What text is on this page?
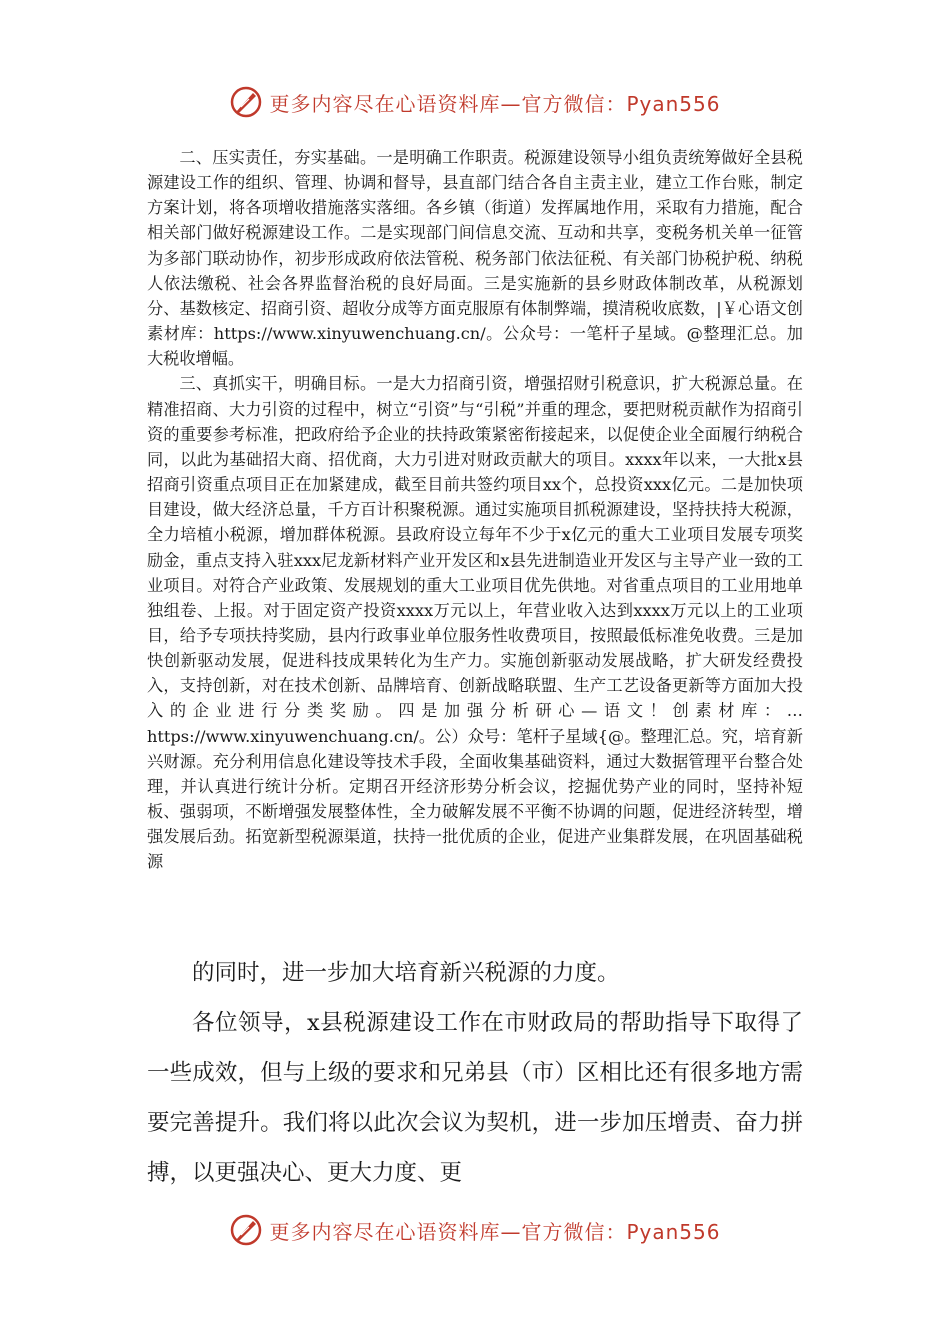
更多内容尽在心语资料库—官方微信：Pyan556

二、压实责任，夯实基础。一是明确工作职责。税源建设领导小组负责统筹做好全县税源建设工作的组织、管理、协调和督导，县直部门结合各自主责主业，建立工作台账，制定方案计划，将各项增收措施落实落细。各乡镇（街道）发挥属地作用，采取有力措施，配合相关部门做好税源建设工作。二是实现部门间信息交流、互动和共享，变税务机关单一征管为多部门联动协作，初步形成政府依法管税、税务部门依法征税、有关部门协税护税、纳税人依法缴税、社会各界监督治税的良好局面。三是实施新的县乡财政体制改革，从税源划分、基数核定、招商引资、超收分成等方面克服原有体制弊端，摸清税收底数，|￥心语文创素材库：https://www.xinyuwenchuang.cn/。公众号：一笔杆子星域。@整理汇总。加大税收增幅。

三、真抓实干，明确目标。一是大力招商引资，增强招财引税意识，扩大税源总量。在精准招商、大力引资的过程中，树立“引资”与“引税”并重的理念，要把财税贡献作为招商引资的重要参考标准，把政府给予企业的扶持政策紧密衔接起来，以促使企业全面履行纳税合同，以此为基础招大商、招优商，大力引进对财政贡献大的项目。xxxx年以来，一大批x县招商引资重点项目正在加紧建成，截至目前共签约项目xx个，总投资xxx亿元。二是加快项目建设，做大经济总量，千方百计积聚税源。通过实施项目抓税源建设，坚持扶持大税源，全力培植小税源，增加群体税源。县政府设立每年不少于x亿元的重大工业项目发展专项奖励金，重点支持入驻xxx尼龙新材料产业开发区和x县先进制造业开发区与主导产业一致的工业项目。对符合产业政策、发展规划的重大工业项目优先供地。对省重点项目的工业用地单独组卷、上报。对于固定资产投资xxxx万元以上，年营业收入达到xxxx万元以上的工业项目，给予专项扶持奖励，县内行政事业单位服务性收费项目，按照最低标准免收费。三是加快创新驱动发展，促进科技成果转化为生产力。实施创新驱动发展战略，扩大研发经费投入，支持创新，对在技术创新、品牌培育、创新战略联盟、生产工艺设备更新等方面加大投入的企业进行分类奖励。四是加强分析研心—语文！创素材库：…https://www.xinyuwenchuang.cn/。公）众号：笔杆子星域{@。整理汇总。究，培育新兴财源。充分利用信息化建设等技术手段，全面收集基础资料，通过大数据管理平台整合处理，并认真进行统计分析。定期召开经济形势分析会议，挖掘优势产业的同时，坚持补短板、强弱项，不断增强发展整体性，全力破解发展不平衡不协调的问题，促进经济转型，增强发展后劲。拓宽新型税源渠道，扶持一批优质的企业，促进产业集群发展，在巩固基础税源

的同时，进一步加大培育新兴税源的力度。

各位领导，x县税源建设工作在市财政局的帮助指导下取得了一些成效，但与上级的要求和兄弟县（市）区相比还有很多地方需要完善提升。我们将以此次会议为契机，进一步加压增责、奋力拼搏，以更强决心、更大力度、更

更多内容尽在心语资料库—官方微信：Pyan556
